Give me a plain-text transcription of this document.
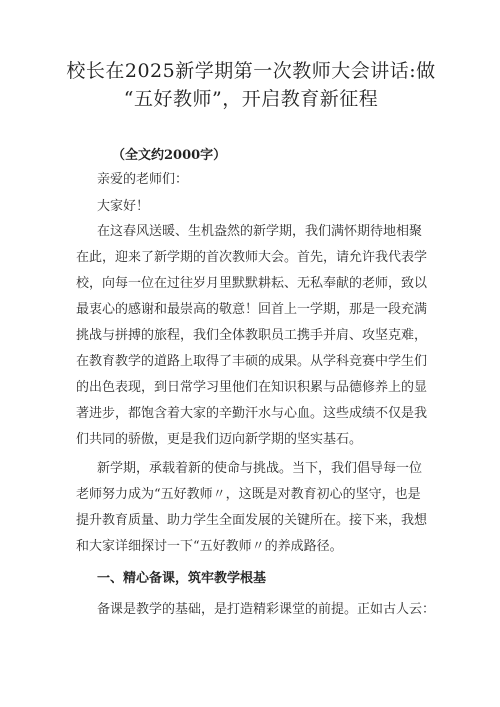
校长在2025新学期第一次教师大会讲话:做
“五好教师”，开启教育新征程
（全文约2000字）
亲爱的老师们：
大家好！
在这春风送暖、生机盎然的新学期，我们满怀期待地相聚
在此，迎来了新学期的首次教师大会。首先，请允许我代表学
校，向每一位在过往岁月里默默耕耘、无私奉献的老师，致以
最衷心的感谢和最崇高的敬意！回首上一学期，那是一段充满
挑战与拼搏的旅程，我们全体教职员工携手并肩、攻坚克难，
在教育教学的道路上取得了丰硕的成果。从学科竞赛中学生们
的出色表现，到日常学习里他们在知识积累与品德修养上的显
著进步，都饱含着大家的辛勤汗水与心血。这些成绩不仅是我
们共同的骄傲，更是我们迈向新学期的坚实基石。
新学期，承载着新的使命与挑战。当下，我们倡导每一位
老师努力成为“五好教师〃，这既是对教育初心的坚守，也是
提升教育质量、助力学生全面发展的关键所在。接下来，我想
和大家详细探讨一下“五好教师〃的养成路径。
一、精心备课，筑牢教学根基
备课是教学的基础，是打造精彩课堂的前提。正如古人云：
